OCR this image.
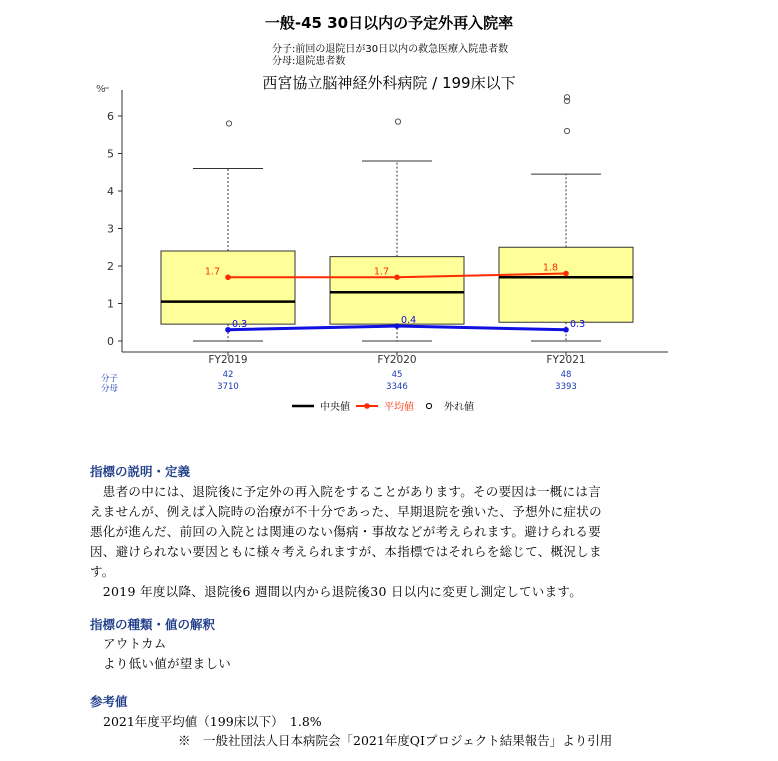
一般-45 30日以内の予定外再入院率
分子:前回の退院日が30日以内の救急医療入院患者数
分母:退院患者数
西宮協立脳神経外科病院 / 199床以下
%
0
1
2
3
4
5
6
FY2019
42
3710
FY2020
45
3346
FY2021
48
3393
分子
分母
1.7	1.7	1.8
0.3	0.4	0.3
中央値	平均値	外れ値
指標の説明・定義
　患者の中には、退院後に予定外の再入院をすることがあります。その要因は一概には言
えませんが、例えば入院時の治療が不十分であった、早期退院を強いた、予想外に症状の
悪化が進んだ、前回の入院とは関連のない傷病・事故などが考えられます。避けられる要
因、避けられない要因ともに様々考えられますが、本指標ではそれらを総じて、概況しま
す。
　2019 年度以降、退院後6 週間以内から退院後30 日以内に変更し測定しています。
指標の種類・値の解釈
アウトカム
より低い値が望ましい
参考値
2021年度平均値（199床以下）　1.8%
※　一般社団法人日本病院会「2021年度QIプロジェクト結果報告」より引用
